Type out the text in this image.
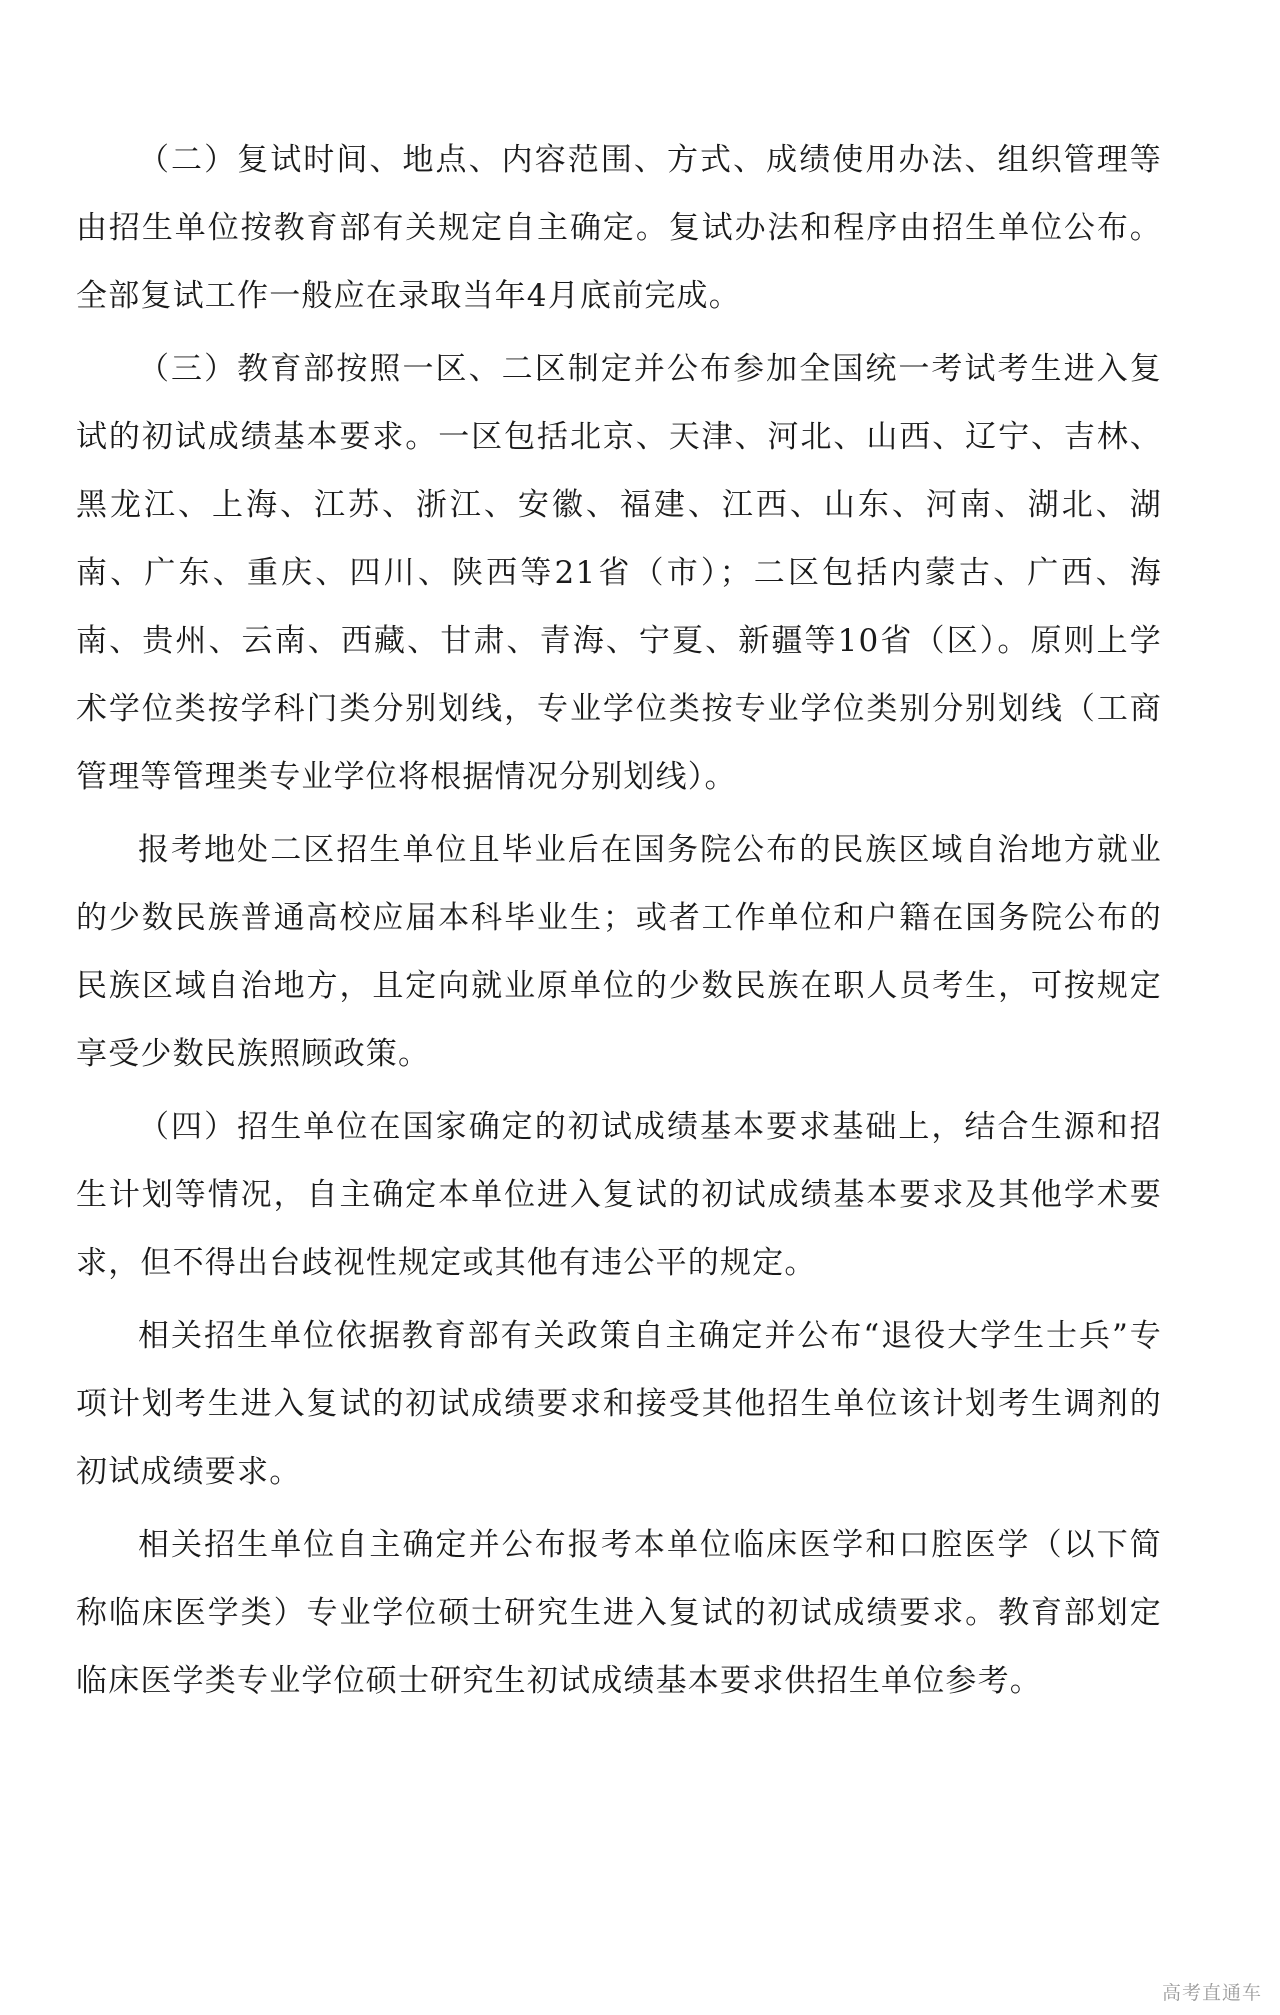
（二）复试时间、地点、内容范围、方式、成绩使用办法、组织管理等由招生单位按教育部有关规定自主确定。复试办法和程序由招生单位公布。全部复试工作一般应在录取当年4月底前完成。

（三）教育部按照一区、二区制定并公布参加全国统一考试考生进入复试的初试成绩基本要求。一区包括北京、天津、河北、山西、辽宁、吉林、黑龙江、上海、江苏、浙江、安徽、福建、江西、山东、河南、湖北、湖南、广东、重庆、四川、陕西等21省（市）；二区包括内蒙古、广西、海南、贵州、云南、西藏、甘肃、青海、宁夏、新疆等10省（区）。原则上学术学位类按学科门类分别划线，专业学位类按专业学位类别分别划线（工商管理等管理类专业学位将根据情况分别划线）。

报考地处二区招生单位且毕业后在国务院公布的民族区域自治地方就业的少数民族普通高校应届本科毕业生；或者工作单位和户籍在国务院公布的民族区域自治地方，且定向就业原单位的少数民族在职人员考生，可按规定享受少数民族照顾政策。

（四）招生单位在国家确定的初试成绩基本要求基础上，结合生源和招生计划等情况，自主确定本单位进入复试的初试成绩基本要求及其他学术要求，但不得出台歧视性规定或其他有违公平的规定。

相关招生单位依据教育部有关政策自主确定并公布“退役大学生士兵”专项计划考生进入复试的初试成绩要求和接受其他招生单位该计划考生调剂的初试成绩要求。

相关招生单位自主确定并公布报考本单位临床医学和口腔医学（以下简称临床医学类）专业学位硕士研究生进入复试的初试成绩要求。教育部划定临床医学类专业学位硕士研究生初试成绩基本要求供招生单位参考。

高考直通车
